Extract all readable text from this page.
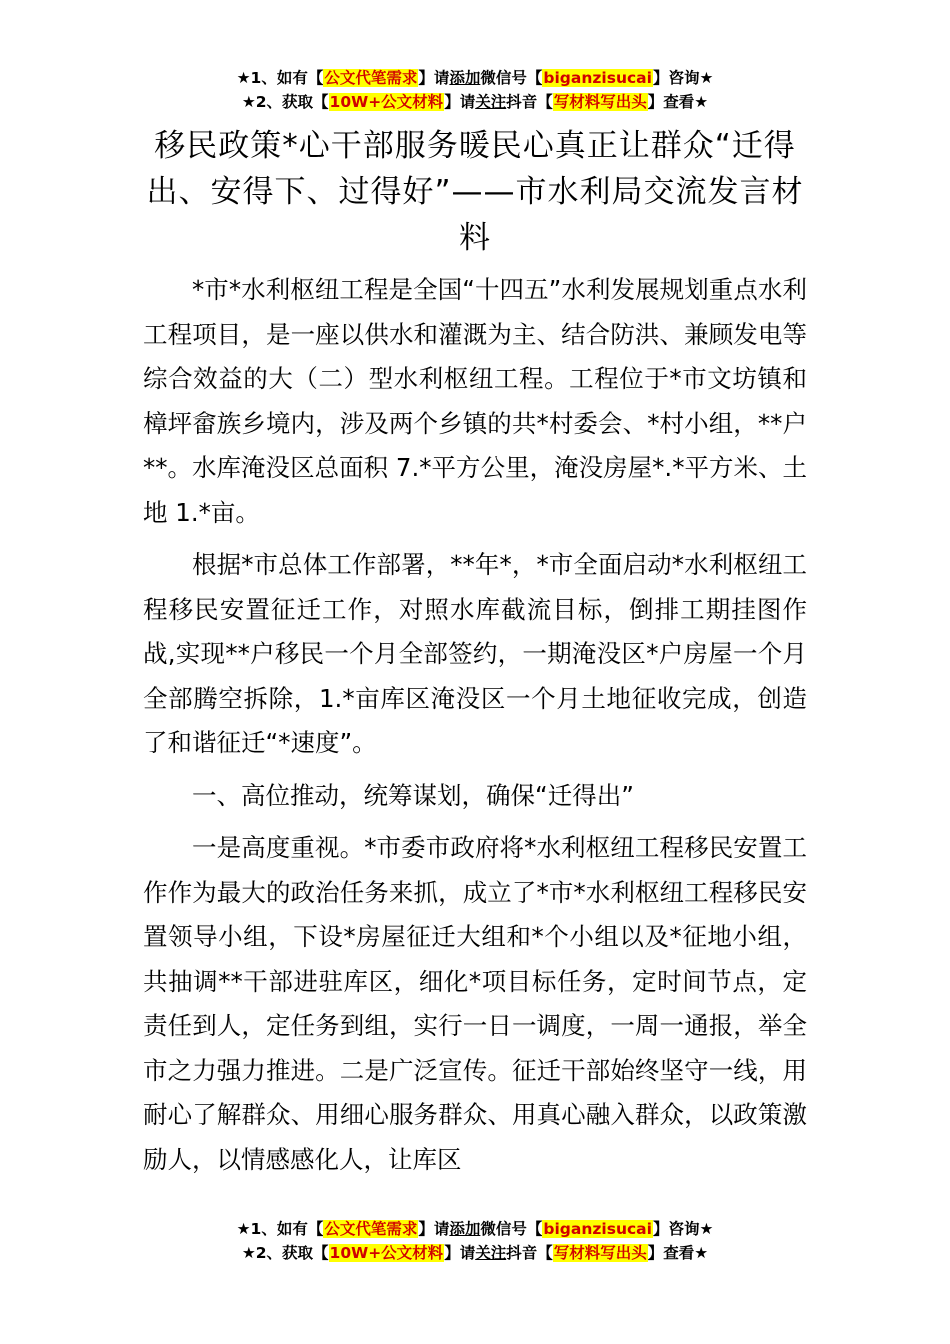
★1、如有【公文代笔需求】请添加微信号【biganzisucai】咨询★
★2、获取【10W+公文材料】请关注抖音【写材料写出头】查看★
移民政策*心干部服务暖民心真正让群众“迁得出、安得下、过得好”——市水利局交流发言材料

*市*水利枢纽工程是全国“十四五”水利发展规划重点水利工程项目，是一座以供水和灌溉为主、结合防洪、兼顾发电等综合效益的大（二）型水利枢纽工程。工程位于*市文坊镇和樟坪畲族乡境内，涉及两个乡镇的共*村委会、*村小组，**户**。水库淹没区总面积 7.*平方公里，淹没房屋*.*平方米、土地 1.*亩。

根据*市总体工作部署，**年*，*市全面启动*水利枢纽工程移民安置征迁工作，对照水库截流目标，倒排工期挂图作战,实现**户移民一个月全部签约，一期淹没区*户房屋一个月全部腾空拆除，1.*亩库区淹没区一个月土地征收完成，创造了和谐征迁“*速度”。

一、高位推动，统筹谋划，确保“迁得出”

一是高度重视。*市委市政府将*水利枢纽工程移民安置工作作为最大的政治任务来抓，成立了*市*水利枢纽工程移民安置领导小组，下设*房屋征迁大组和*个小组以及*征地小组，共抽调**干部进驻库区，细化*项目标任务，定时间节点，定责任到人，定任务到组，实行一日一调度，一周一通报，举全市之力强力推进。二是广泛宣传。征迁干部始终坚守一线，用耐心了解群众、用细心服务群众、用真心融入群众，以政策激励人，以情感感化人，让库区

★1、如有【公文代笔需求】请添加微信号【biganzisucai】咨询★
★2、获取【10W+公文材料】请关注抖音【写材料写出头】查看★
